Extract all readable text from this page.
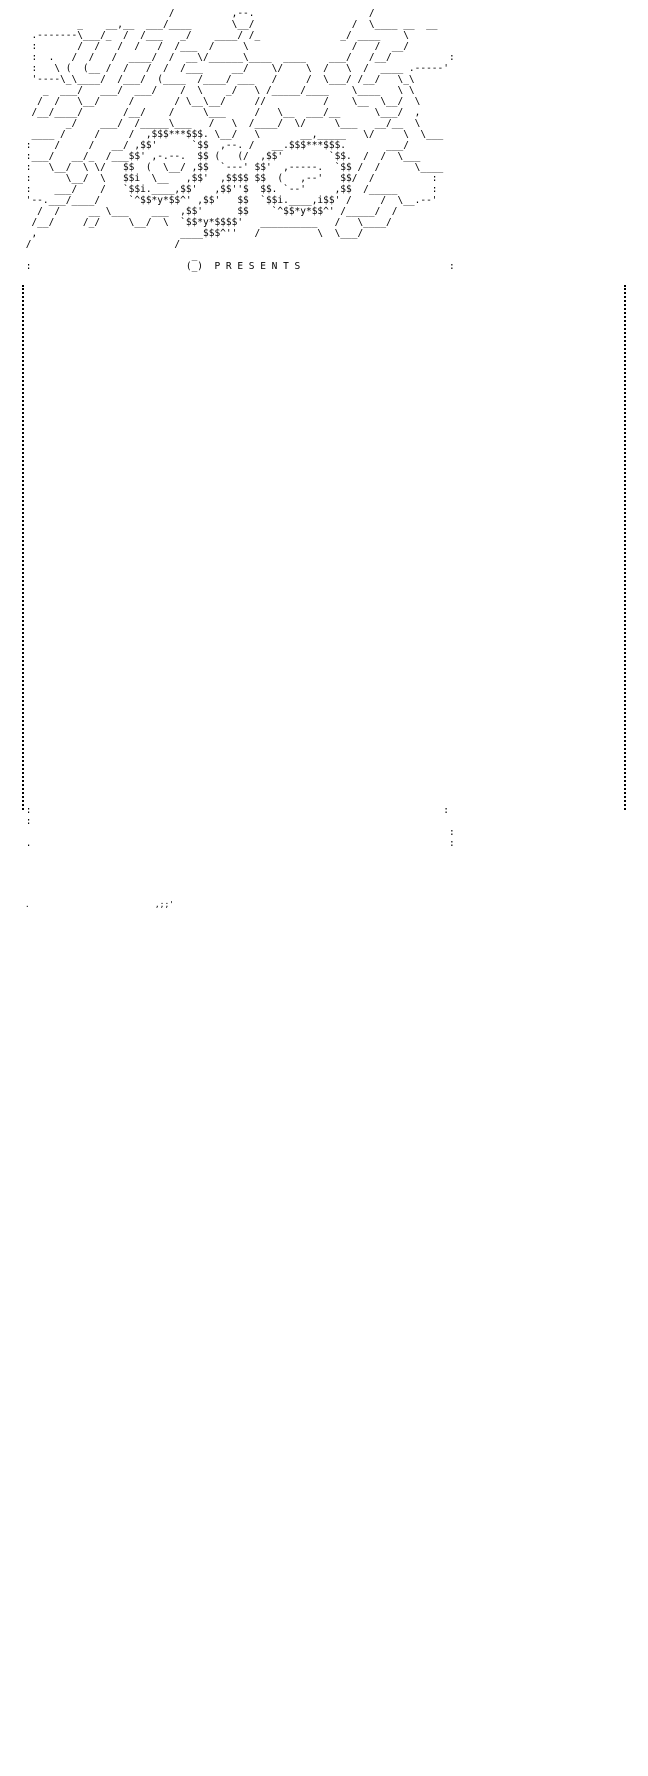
/          ,--.                    /
_    __,__  ___/____       \__/                 /  \____ __  __
.-------\___/_  /  /___   _/    ____/ /_              _/ ____    \
:       /  /   /  /   /  /___  /     \                  /   /  __/
:  .   /  /   /  ____/  /  __\/______\____  ____    ___/   /__/          :
:   \ (  (__ /  /   /  /  /___     __/    \/    \  /   \  /  ____ .-----'
'----\_\____/  /___/  (____  /____/ ___   /     /  \___/ /__/   \_\
_  ___/   ___/  ___/    /  \    _/   \ /_____/____    \____   \ \
/  /   \__/     /       / \__\__/     //          /    \__  \__/  \
/__/____/       /__/    /     \___     /   \__  ___/__      \___/  ,
_/    ___/  /_____\___   /   \  /____/  \/     \___   __/__  \
____ /     /     /  ,$$$***$$$. \__/   \       __,_____   \/     \  \___
:    /     /   __/ ,$$'      `$$  ,--. /   __.$$$***$$$.       ___/
:___/   __/_  /___$$' ,-.--.  $$ (   (/  ,$$'        `$$.  /  /  \___
:   \__/  \ \/   $$  (  \__/ ,$$  `---' $$'  ,-----.  `$$ /  /      \____
:      \__/  \   $$i  \__   ,$$'  ,$$$$ $$  (   ,--'   $$/  /          :
:    ___/    /   `$$i.____,$$'   ,$$''$  $$. `--'     ,$$  /_____      :
'--.___/____/     `^$$*y*$$^' ,$$'   $$  `$$i.____,i$$' /     /  \__.--'
/  /     __ \___    ___  ,$$'      $$    `^$$*y*$$^' /_____/  /
/__/     /_/     \__/  \  `$$*y*$$$$'   __________   /   \____/
,                         ____$$$^''   /          \  \___/
/                         /
_
:                           (_)  P R E S E N T S                          :

:                                                                        :
:
:
.                                                                         :

.                          ,;;'
